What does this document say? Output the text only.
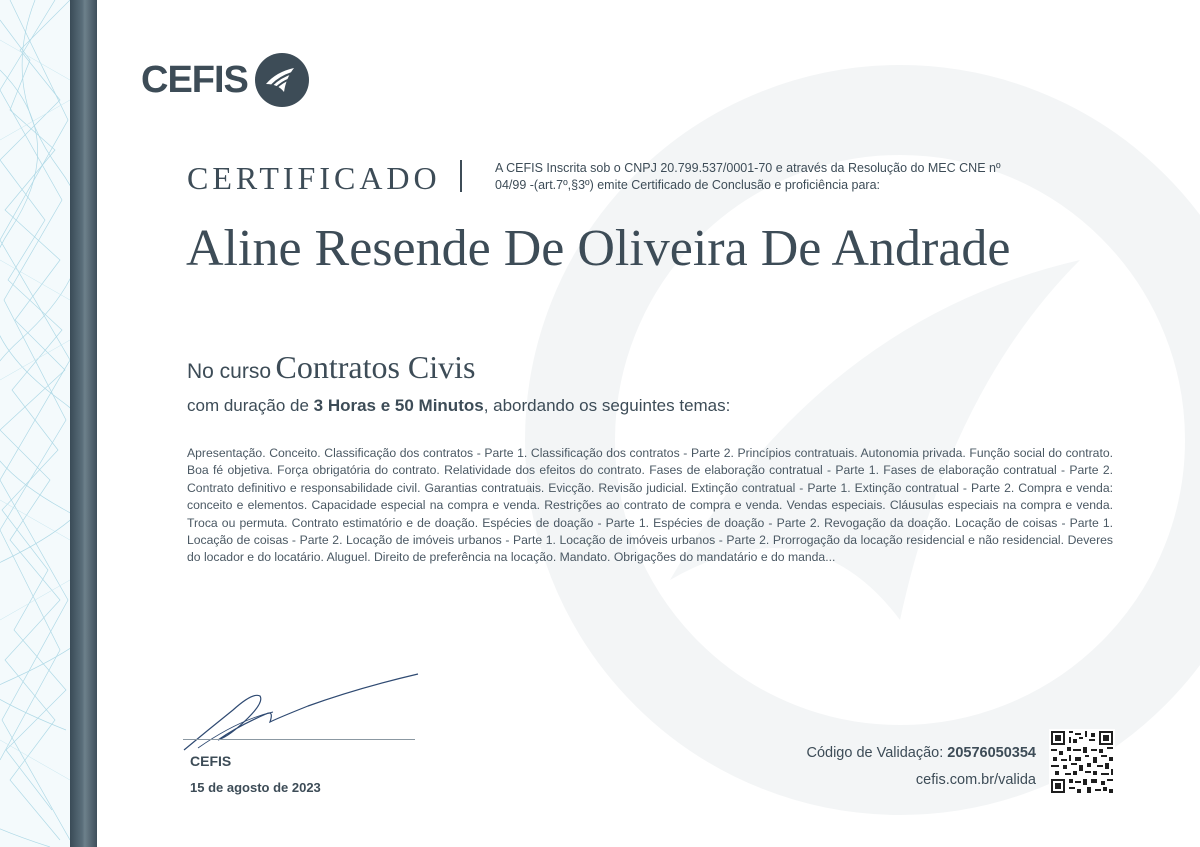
CEFIS
CERTIFICADO	A CEFIS Inscrita sob o CNPJ 20.799.537/0001-70 e através da Resolução do MEC CNE nº 04/99 -(art.7º,§3º) emite Certificado de Conclusão e proficiência para:
Aline Resende De Oliveira De Andrade
No curso Contratos Civis
com duração de 3 Horas e 50 Minutos, abordando os seguintes temas:
Apresentação. Conceito. Classificação dos contratos - Parte 1. Classificação dos contratos - Parte 2. Princípios contratuais. Autonomia privada. Função social do contrato. Boa fé objetiva. Força obrigatória do contrato. Relatividade dos efeitos do contrato. Fases de elaboração contratual - Parte 1. Fases de elaboração contratual - Parte 2. Contrato definitivo e responsabilidade civil. Garantias contratuais. Evicção. Revisão judicial. Extinção contratual - Parte 1. Extinção contratual - Parte 2. Compra e venda: conceito e elementos. Capacidade especial na compra e venda. Restrições ao contrato de compra e venda. Vendas especiais. Cláusulas especiais na compra e venda. Troca ou permuta. Contrato estimatório e de doação. Espécies de doação - Parte 1. Espécies de doação - Parte 2. Revogação da doação. Locação de coisas - Parte 1. Locação de coisas - Parte 2. Locação de imóveis urbanos - Parte 1. Locação de imóveis urbanos - Parte 2. Prorrogação da locação residencial e não residencial. Deveres do locador e do locatário. Aluguel. Direito de preferência na locação. Mandato. Obrigações do mandatário e do manda...
CEFIS
15 de agosto de 2023
Código de Validação: 20576050354
cefis.com.br/valida
